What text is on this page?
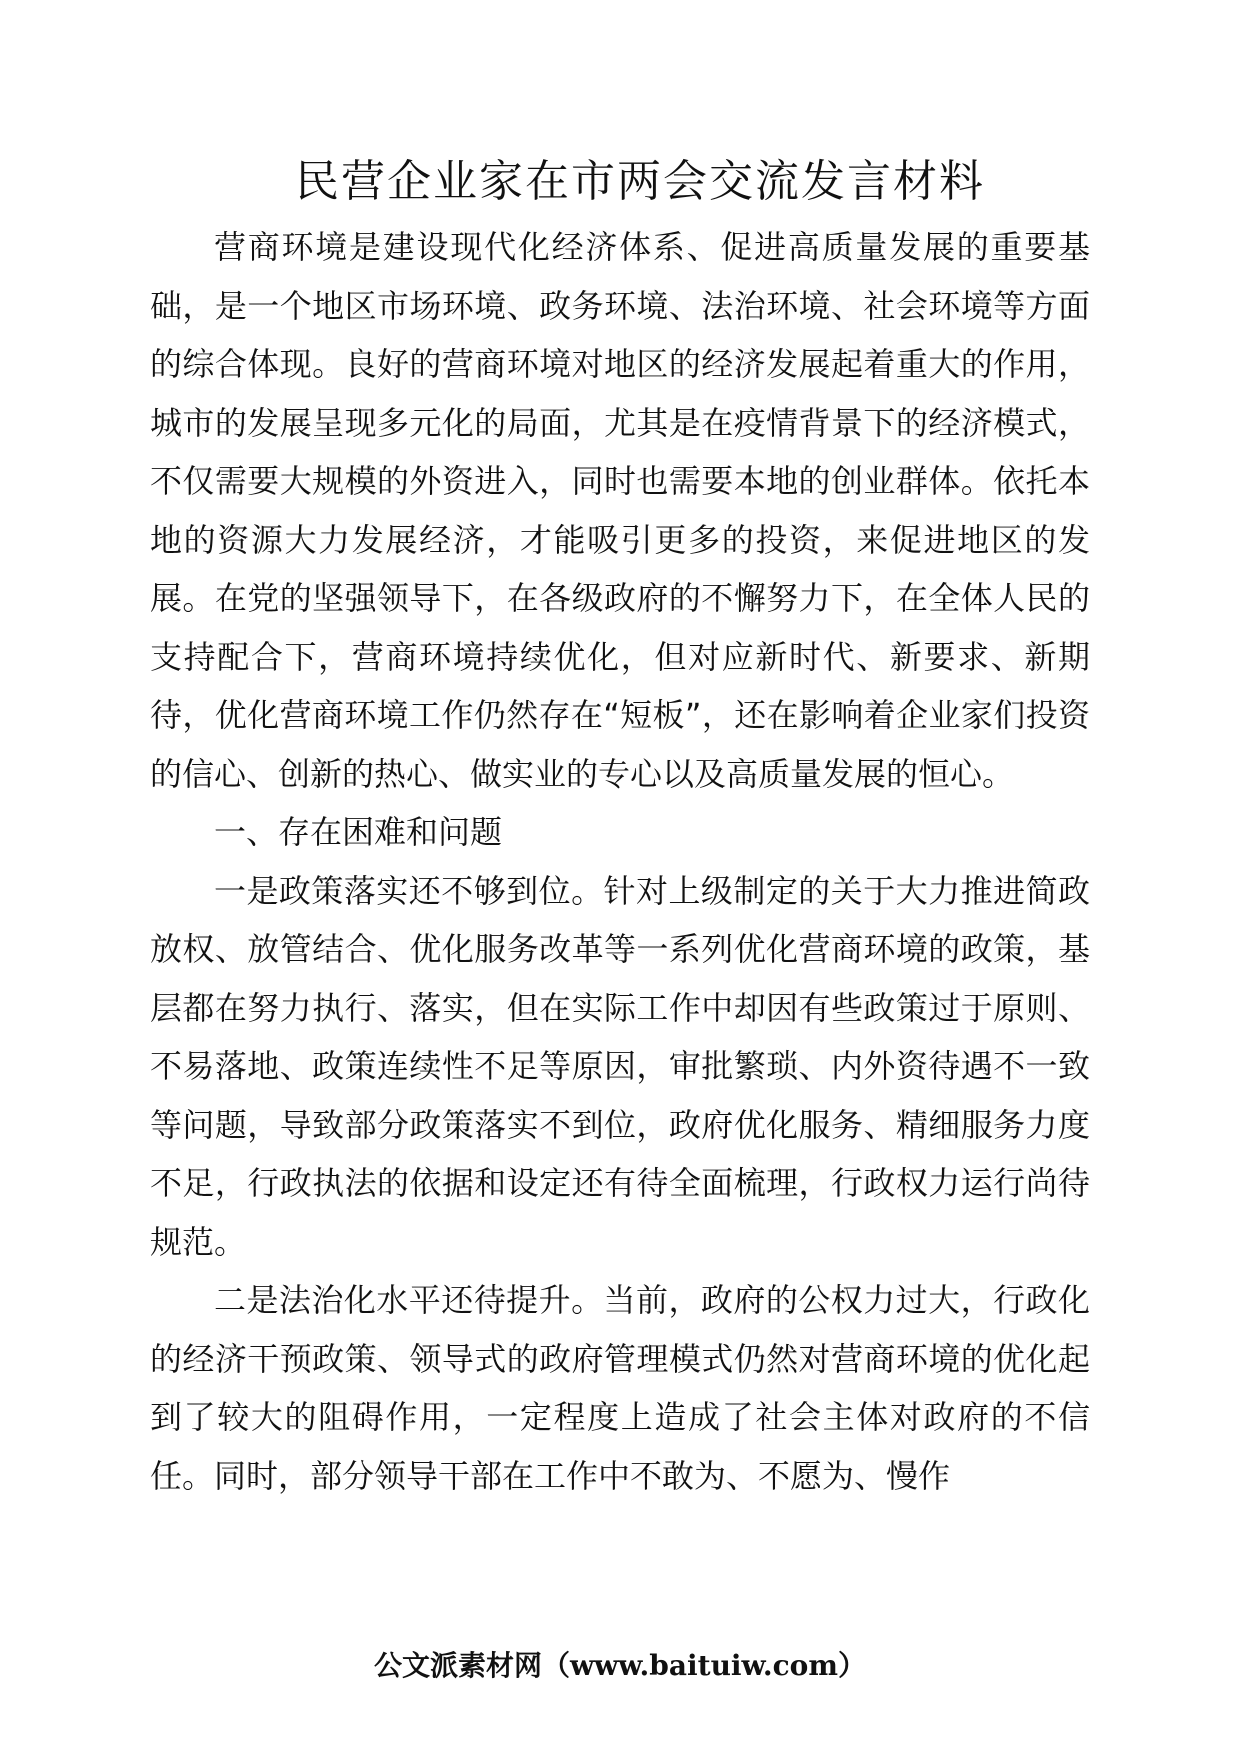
民营企业家在市两会交流发言材料

营商环境是建设现代化经济体系、促进高质量发展的重要基础，是一个地区市场环境、政务环境、法治环境、社会环境等方面的综合体现。良好的营商环境对地区的经济发展起着重大的作用，城市的发展呈现多元化的局面，尤其是在疫情背景下的经济模式，不仅需要大规模的外资进入，同时也需要本地的创业群体。依托本地的资源大力发展经济，才能吸引更多的投资，来促进地区的发展。在党的坚强领导下，在各级政府的不懈努力下，在全体人民的支持配合下，营商环境持续优化，但对应新时代、新要求、新期待，优化营商环境工作仍然存在“短板”，还在影响着企业家们投资的信心、创新的热心、做实业的专心以及高质量发展的恒心。

一、存在困难和问题

一是政策落实还不够到位。针对上级制定的关于大力推进简政放权、放管结合、优化服务改革等一系列优化营商环境的政策，基层都在努力执行、落实，但在实际工作中却因有些政策过于原则、不易落地、政策连续性不足等原因，审批繁琐、内外资待遇不一致等问题，导致部分政策落实不到位，政府优化服务、精细服务力度不足，行政执法的依据和设定还有待全面梳理，行政权力运行尚待规范。

二是法治化水平还待提升。当前，政府的公权力过大，行政化的经济干预政策、领导式的政府管理模式仍然对营商环境的优化起到了较大的阻碍作用，一定程度上造成了社会主体对政府的不信任。同时，部分领导干部在工作中不敢为、不愿为、慢作

公文派素材网（www.baituiw.com）
